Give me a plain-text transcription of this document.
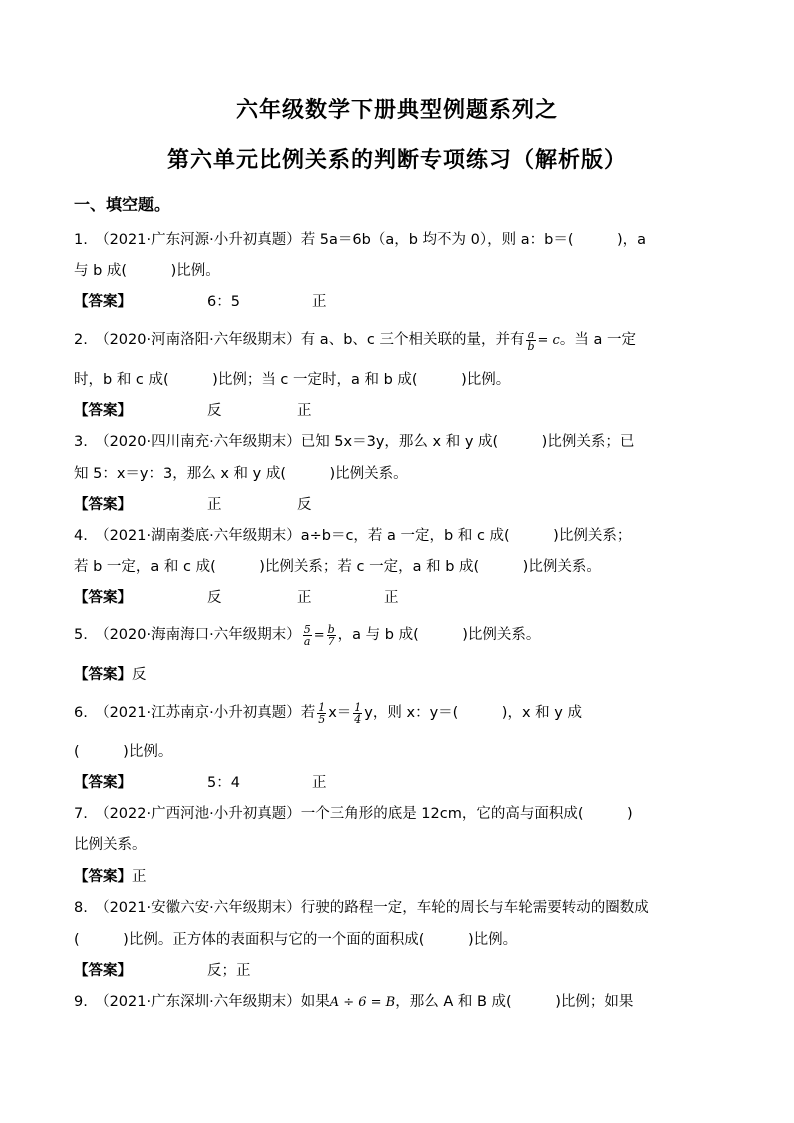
六年级数学下册典型例题系列之
第六单元比例关系的判断专项练习（解析版）
一、填空题。
1.　（2021·广东河源·小升初真题）若 5a＝6b（a，b 均不为 0），则 a：b＝(　　　)，a
与 b 成(　　　)比例。
【答案】	6：5	正
2.　（2020·河南洛阳·六年级期末）有 a、b、c 三个相关联的量，并有 $\frac{a}{b} = c$。当 a 一定
时，b 和 c 成(　　　)比例；当 c 一定时，a 和 b 成(　　　)比例。
【答案】	反	正
3.　（2020·四川南充·六年级期末）已知 5x＝3y，那么 x 和 y 成(　　　)比例关系；已
知 5：x＝y：3，那么 x 和 y 成(　　　)比例关系。
【答案】	正	反
4.　（2021·湖南娄底·六年级期末）a÷b＝c，若 a 一定，b 和 c 成(　　　)比例关系；
若 b 一定，a 和 c 成(　　　)比例关系；若 c 一定，a 和 b 成(　　　)比例关系。
【答案】	反	正	正
5.　（2020·海南海口·六年级期末） $\frac{5}{a} = \frac{b}{7}$ ，a 与 b 成(　　　)比例关系。
【答案】反
6.　（2021·江苏南京·小升初真题）若 $\frac{1}{5} x= \frac{1}{4}$ y，则 x：y＝(　　　)，x 和 y 成
(　　　)比例。
【答案】	5：4	正
7.　（2022·广西河池·小升初真题）一个三角形的底是 12cm，它的高与面积成(　　　)
比例关系。
【答案】正
8.　（2021·安徽六安·六年级期末）行驶的路程一定，车轮的周长与车轮需要转动的圈数成
(　　　)比例。正方体的表面积与它的一个面的面积成(　　　)比例。
【答案】	反；正
9.　（2021·广东深圳·六年级期末）如果A ÷ 6 = B，那么 A 和 B 成(　　　)比例；如果
